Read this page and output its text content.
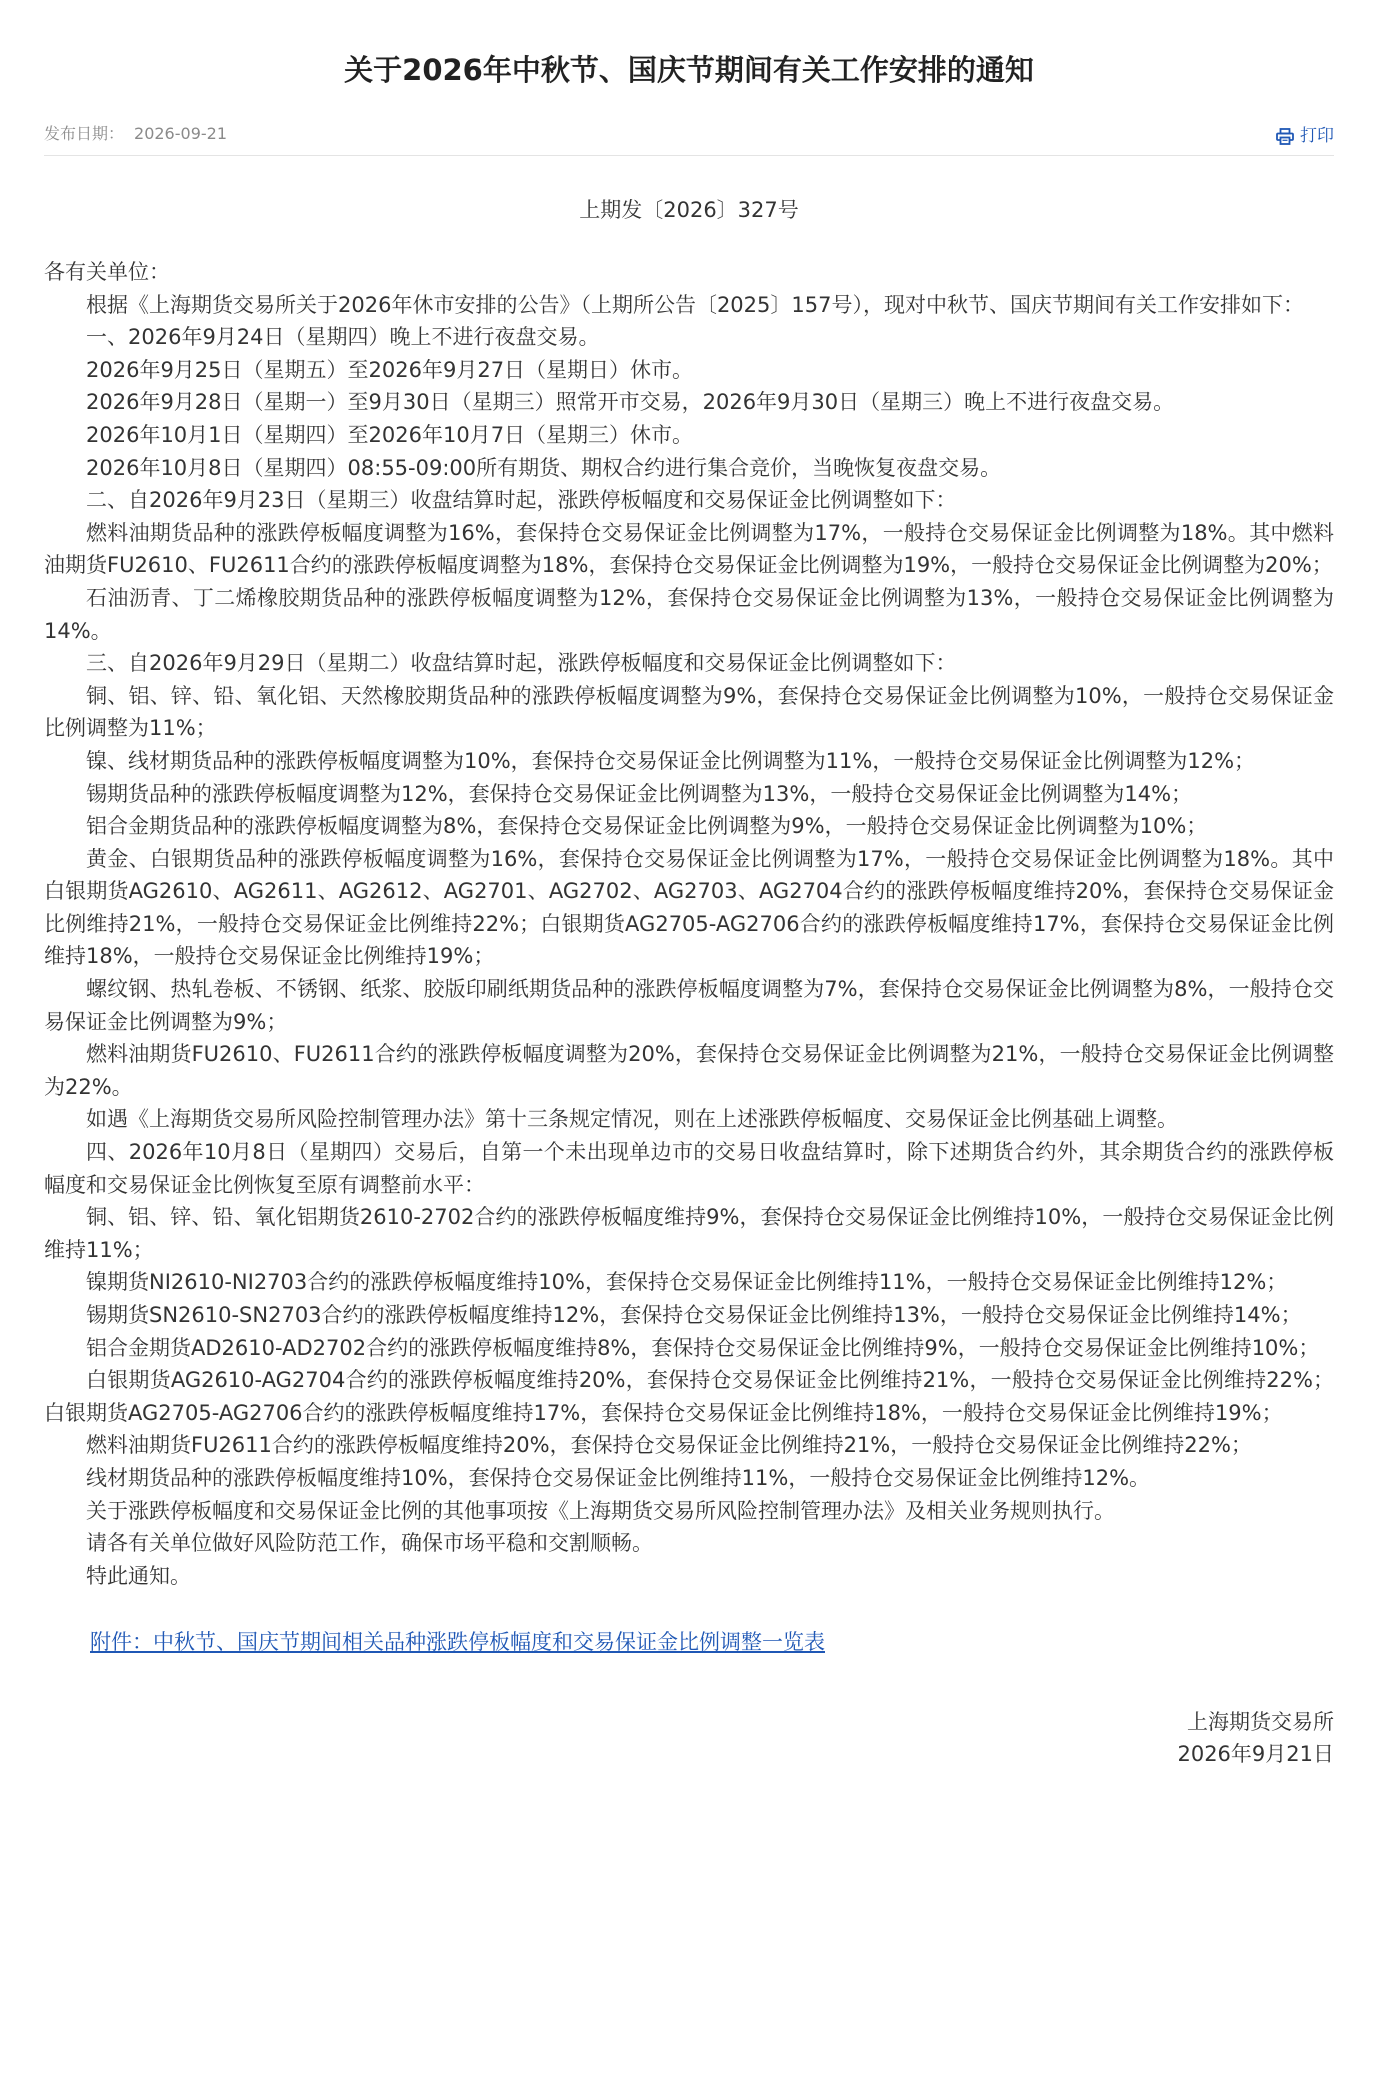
关于2026年中秋节、国庆节期间有关工作安排的通知
发布日期： 2026-09-21	打印
上期发〔2026〕327号

各有关单位：

根据《上海期货交易所关于2026年休市安排的公告》（上期所公告〔2025〕157号），现对中秋节、国庆节期间有关工作安排如下：

一、2026年9月24日（星期四）晚上不进行夜盘交易。

2026年9月25日（星期五）至2026年9月27日（星期日）休市。

2026年9月28日（星期一）至9月30日（星期三）照常开市交易，2026年9月30日（星期三）晚上不进行夜盘交易。

2026年10月1日（星期四）至2026年10月7日（星期三）休市。

2026年10月8日（星期四）08:55-09:00所有期货、期权合约进行集合竞价，当晚恢复夜盘交易。

二、自2026年9月23日（星期三）收盘结算时起，涨跌停板幅度和交易保证金比例调整如下：

燃料油期货品种的涨跌停板幅度调整为16%，套保持仓交易保证金比例调整为17%，一般持仓交易保证金比例调整为18%。其中燃料油期货FU2610、FU2611合约的涨跌停板幅度调整为18%，套保持仓交易保证金比例调整为19%，一般持仓交易保证金比例调整为20%；

石油沥青、丁二烯橡胶期货品种的涨跌停板幅度调整为12%，套保持仓交易保证金比例调整为13%，一般持仓交易保证金比例调整为14%。

三、自2026年9月29日（星期二）收盘结算时起，涨跌停板幅度和交易保证金比例调整如下：

铜、铝、锌、铅、氧化铝、天然橡胶期货品种的涨跌停板幅度调整为9%，套保持仓交易保证金比例调整为10%，一般持仓交易保证金比例调整为11%；

镍、线材期货品种的涨跌停板幅度调整为10%，套保持仓交易保证金比例调整为11%，一般持仓交易保证金比例调整为12%；

锡期货品种的涨跌停板幅度调整为12%，套保持仓交易保证金比例调整为13%，一般持仓交易保证金比例调整为14%；

铝合金期货品种的涨跌停板幅度调整为8%，套保持仓交易保证金比例调整为9%，一般持仓交易保证金比例调整为10%；

黄金、白银期货品种的涨跌停板幅度调整为16%，套保持仓交易保证金比例调整为17%，一般持仓交易保证金比例调整为18%。其中白银期货AG2610、AG2611、AG2612、AG2701、AG2702、AG2703、AG2704合约的涨跌停板幅度维持20%，套保持仓交易保证金比例维持21%，一般持仓交易保证金比例维持22%；白银期货AG2705-AG2706合约的涨跌停板幅度维持17%，套保持仓交易保证金比例维持18%，一般持仓交易保证金比例维持19%；

螺纹钢、热轧卷板、不锈钢、纸浆、胶版印刷纸期货品种的涨跌停板幅度调整为7%，套保持仓交易保证金比例调整为8%，一般持仓交易保证金比例调整为9%；

燃料油期货FU2610、FU2611合约的涨跌停板幅度调整为20%，套保持仓交易保证金比例调整为21%，一般持仓交易保证金比例调整为22%。

如遇《上海期货交易所风险控制管理办法》第十三条规定情况，则在上述涨跌停板幅度、交易保证金比例基础上调整。

四、2026年10月8日（星期四）交易后，自第一个未出现单边市的交易日收盘结算时，除下述期货合约外，其余期货合约的涨跌停板幅度和交易保证金比例恢复至原有调整前水平：

铜、铝、锌、铅、氧化铝期货2610-2702合约的涨跌停板幅度维持9%，套保持仓交易保证金比例维持10%，一般持仓交易保证金比例维持11%；

镍期货NI2610-NI2703合约的涨跌停板幅度维持10%，套保持仓交易保证金比例维持11%，一般持仓交易保证金比例维持12%；

锡期货SN2610-SN2703合约的涨跌停板幅度维持12%，套保持仓交易保证金比例维持13%，一般持仓交易保证金比例维持14%；

铝合金期货AD2610-AD2702合约的涨跌停板幅度维持8%，套保持仓交易保证金比例维持9%，一般持仓交易保证金比例维持10%；

白银期货AG2610-AG2704合约的涨跌停板幅度维持20%，套保持仓交易保证金比例维持21%，一般持仓交易保证金比例维持22%；白银期货AG2705-AG2706合约的涨跌停板幅度维持17%，套保持仓交易保证金比例维持18%，一般持仓交易保证金比例维持19%；

燃料油期货FU2611合约的涨跌停板幅度维持20%，套保持仓交易保证金比例维持21%，一般持仓交易保证金比例维持22%；

线材期货品种的涨跌停板幅度维持10%，套保持仓交易保证金比例维持11%，一般持仓交易保证金比例维持12%。

关于涨跌停板幅度和交易保证金比例的其他事项按《上海期货交易所风险控制管理办法》及相关业务规则执行。

请各有关单位做好风险防范工作，确保市场平稳和交割顺畅。

特此通知。

附件：中秋节、国庆节期间相关品种涨跌停板幅度和交易保证金比例调整一览表
上海期货交易所
2026年9月21日
